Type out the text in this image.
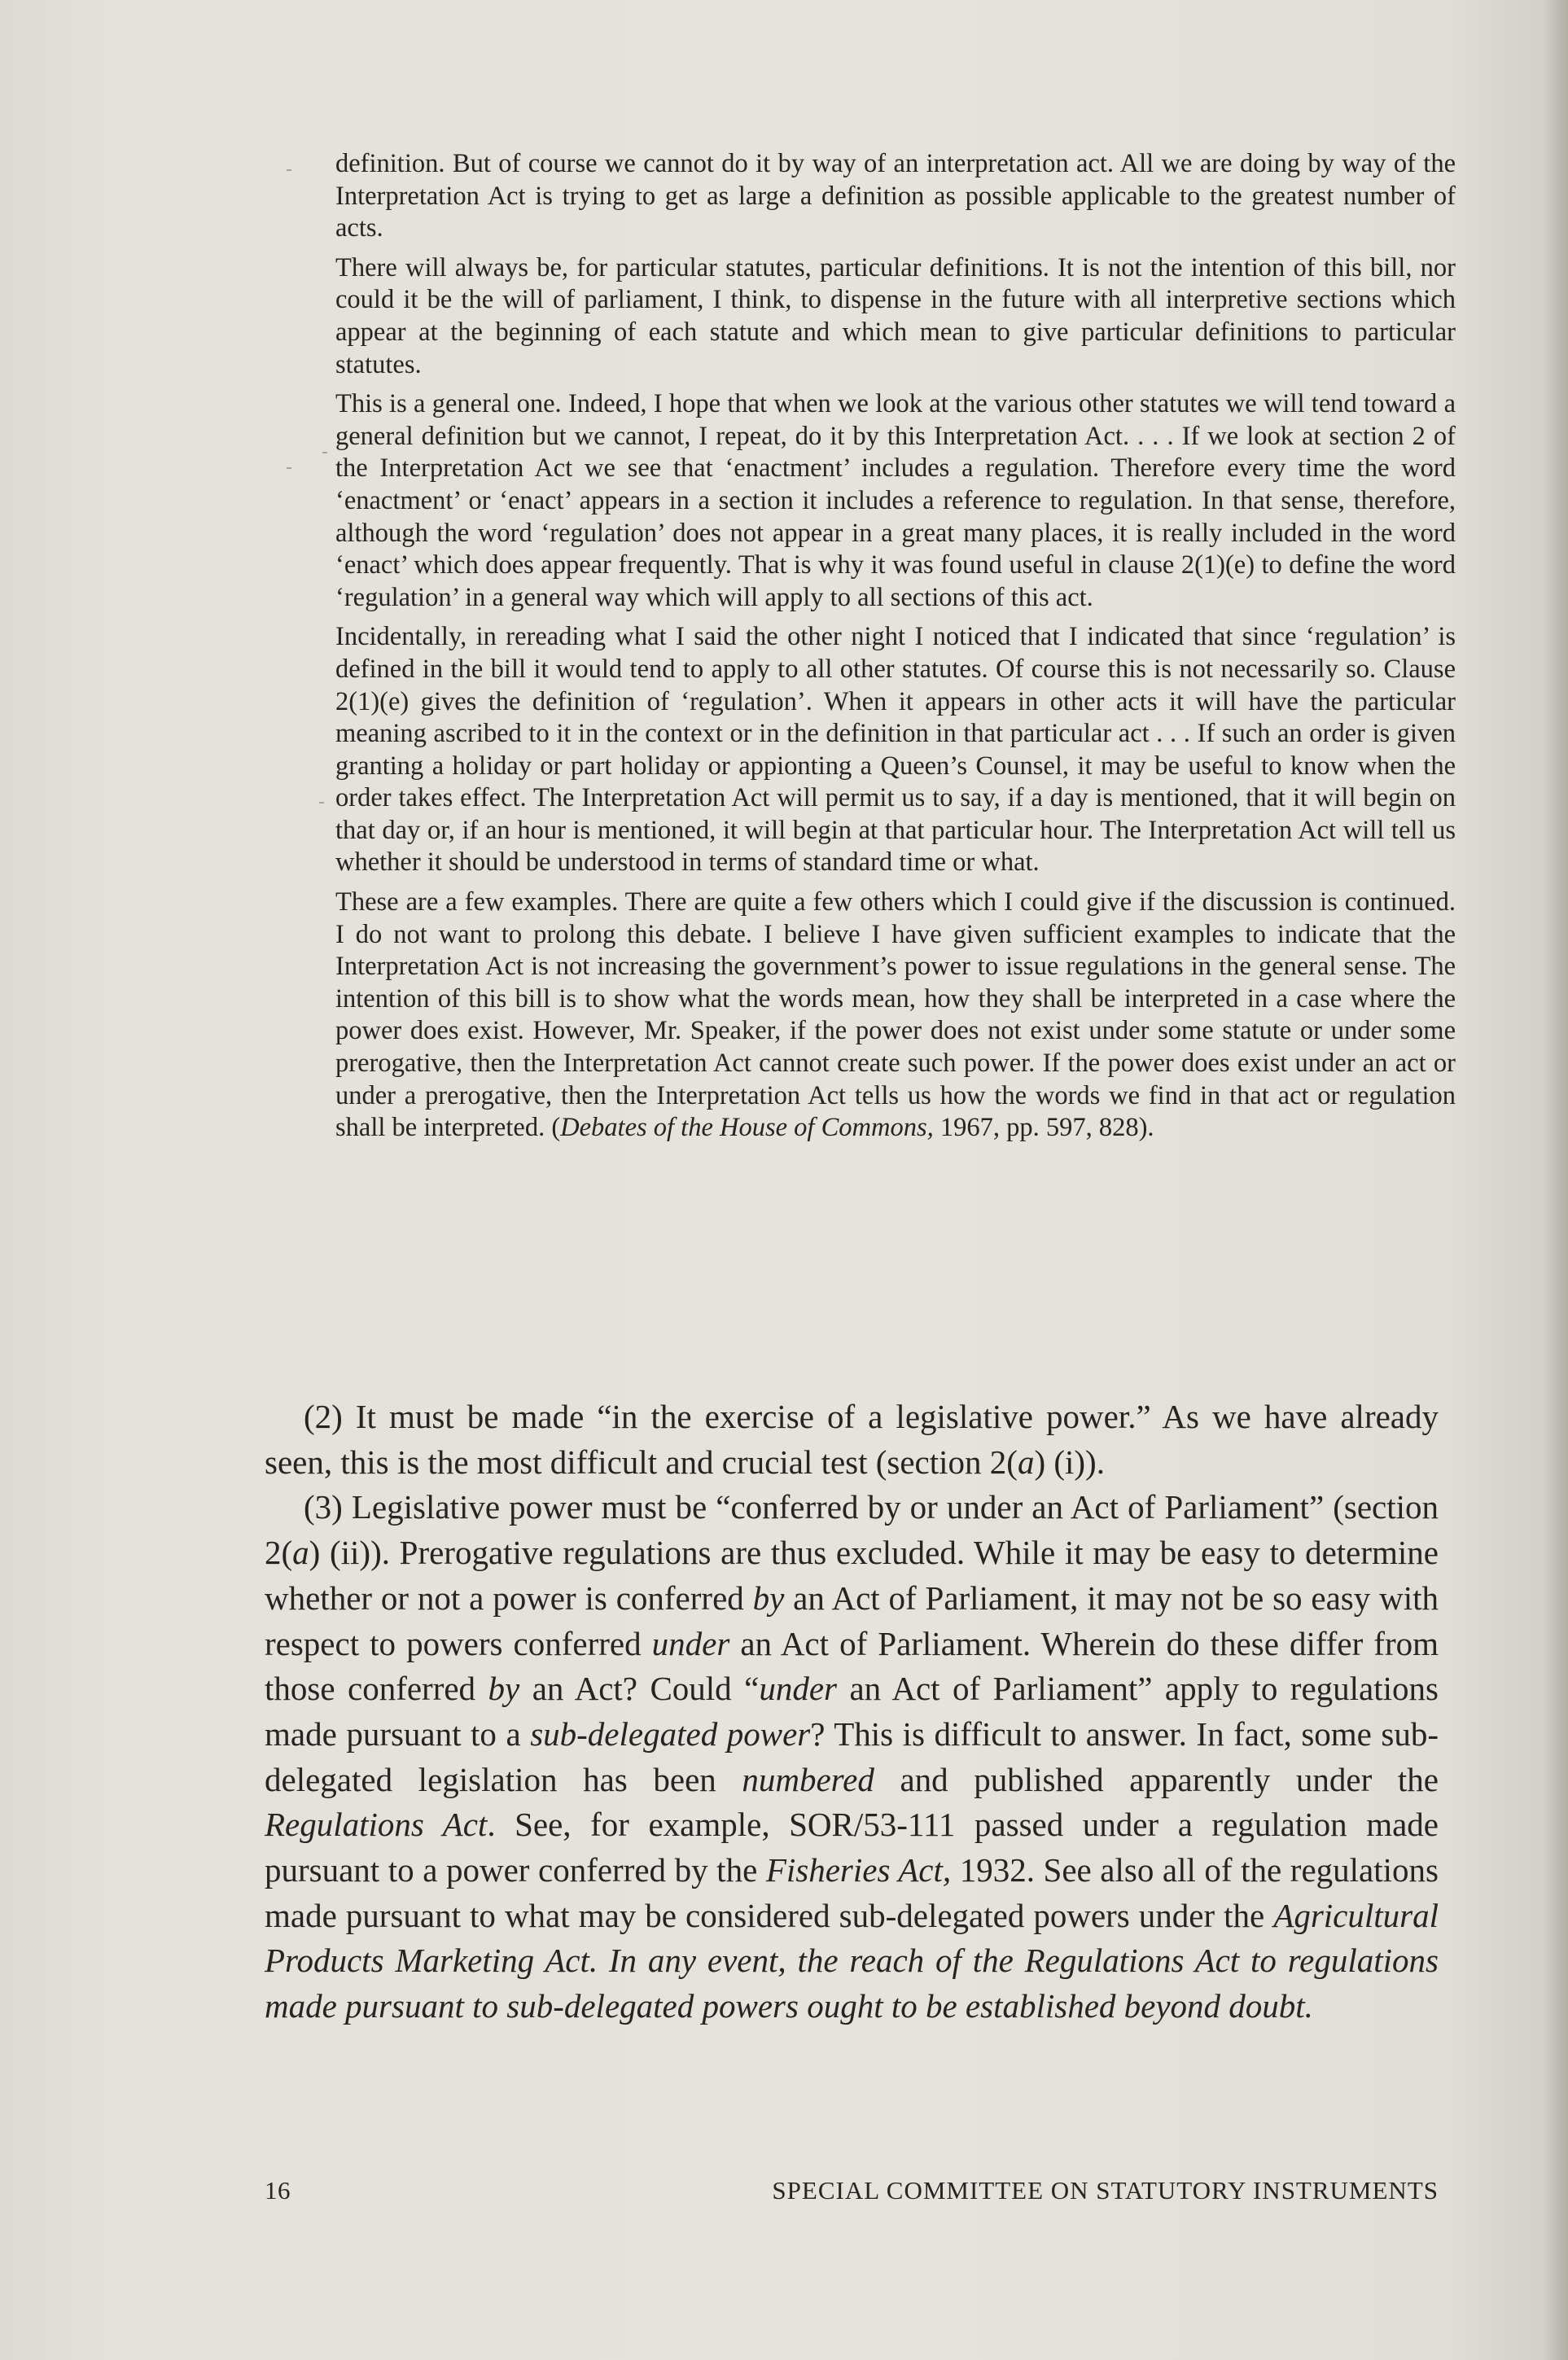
definition. But of course we cannot do it by way of an interpretation act. All we are doing by way of the Interpretation Act is trying to get as large a definition as possible applicable to the greatest number of acts.

There will always be, for particular statutes, particular definitions. It is not the intention of this bill, nor could it be the will of parliament, I think, to dispense in the future with all interpretive sections which appear at the beginning of each statute and which mean to give particular definitions to particular statutes.

This is a general one. Indeed, I hope that when we look at the various other statutes we will tend toward a general definition but we cannot, I repeat, do it by this Interpretation Act. . . . If we look at section 2 of the Interpretation Act we see that ‘enactment’ includes a regulation. Therefore every time the word ‘enactment’ or ‘enact’ appears in a section it includes a reference to regulation. In that sense, therefore, although the word ‘regulation’ does not appear in a great many places, it is really included in the word ‘enact’ which does appear frequently. That is why it was found useful in clause 2(1)(e) to define the word ‘regulation’ in a general way which will apply to all sections of this act.

Incidentally, in rereading what I said the other night I noticed that I indicated that since ‘regulation’ is defined in the bill it would tend to apply to all other statutes. Of course this is not necessarily so. Clause 2(1)(e) gives the definition of ‘regulation’. When it appears in other acts it will have the particular meaning ascribed to it in the context or in the definition in that particular act . . . If such an order is given granting a holiday or part holiday or appionting a Queen’s Counsel, it may be useful to know when the order takes effect. The Interpretation Act will permit us to say, if a day is mentioned, that it will begin on that day or, if an hour is mentioned, it will begin at that particular hour. The Interpretation Act will tell us whether it should be understood in terms of standard time or what.

These are a few examples. There are quite a few others which I could give if the discussion is continued. I do not want to prolong this debate. I believe I have given sufficient examples to indicate that the Interpretation Act is not increasing the government’s power to issue regulations in the general sense. The intention of this bill is to show what the words mean, how they shall be interpreted in a case where the power does exist. However, Mr. Speaker, if the power does not exist under some statute or under some prerogative, then the Interpretation Act cannot create such power. If the power does exist under an act or under a prerogative, then the Interpretation Act tells us how the words we find in that act or regulation shall be interpreted. (Debates of the House of Commons, 1967, pp. 597, 828).

(2) It must be made “in the exercise of a legislative power.” As we have already seen, this is the most difficult and crucial test (section 2(a) (i)).

(3) Legislative power must be “conferred by or under an Act of Parliament” (section 2(a) (ii)). Prerogative regulations are thus excluded. While it may be easy to determine whether or not a power is conferred by an Act of Parliament, it may not be so easy with respect to powers conferred under an Act of Parliament. Wherein do these differ from those conferred by an Act? Could “under an Act of Parliament” apply to regulations made pursuant to a sub-delegated power? This is difficult to answer. In fact, some sub-delegated legislation has been numbered and published apparently under the Regulations Act. See, for example, SOR/53-111 passed under a regulation made pursuant to a power conferred by the Fisheries Act, 1932. See also all of the regulations made pursuant to what may be considered sub-delegated powers under the Agricultural Products Marketing Act. In any event, the reach of the Regulations Act to regulations made pursuant to sub-delegated powers ought to be established beyond doubt.

16	SPECIAL COMMITTEE ON STATUTORY INSTRUMENTS
